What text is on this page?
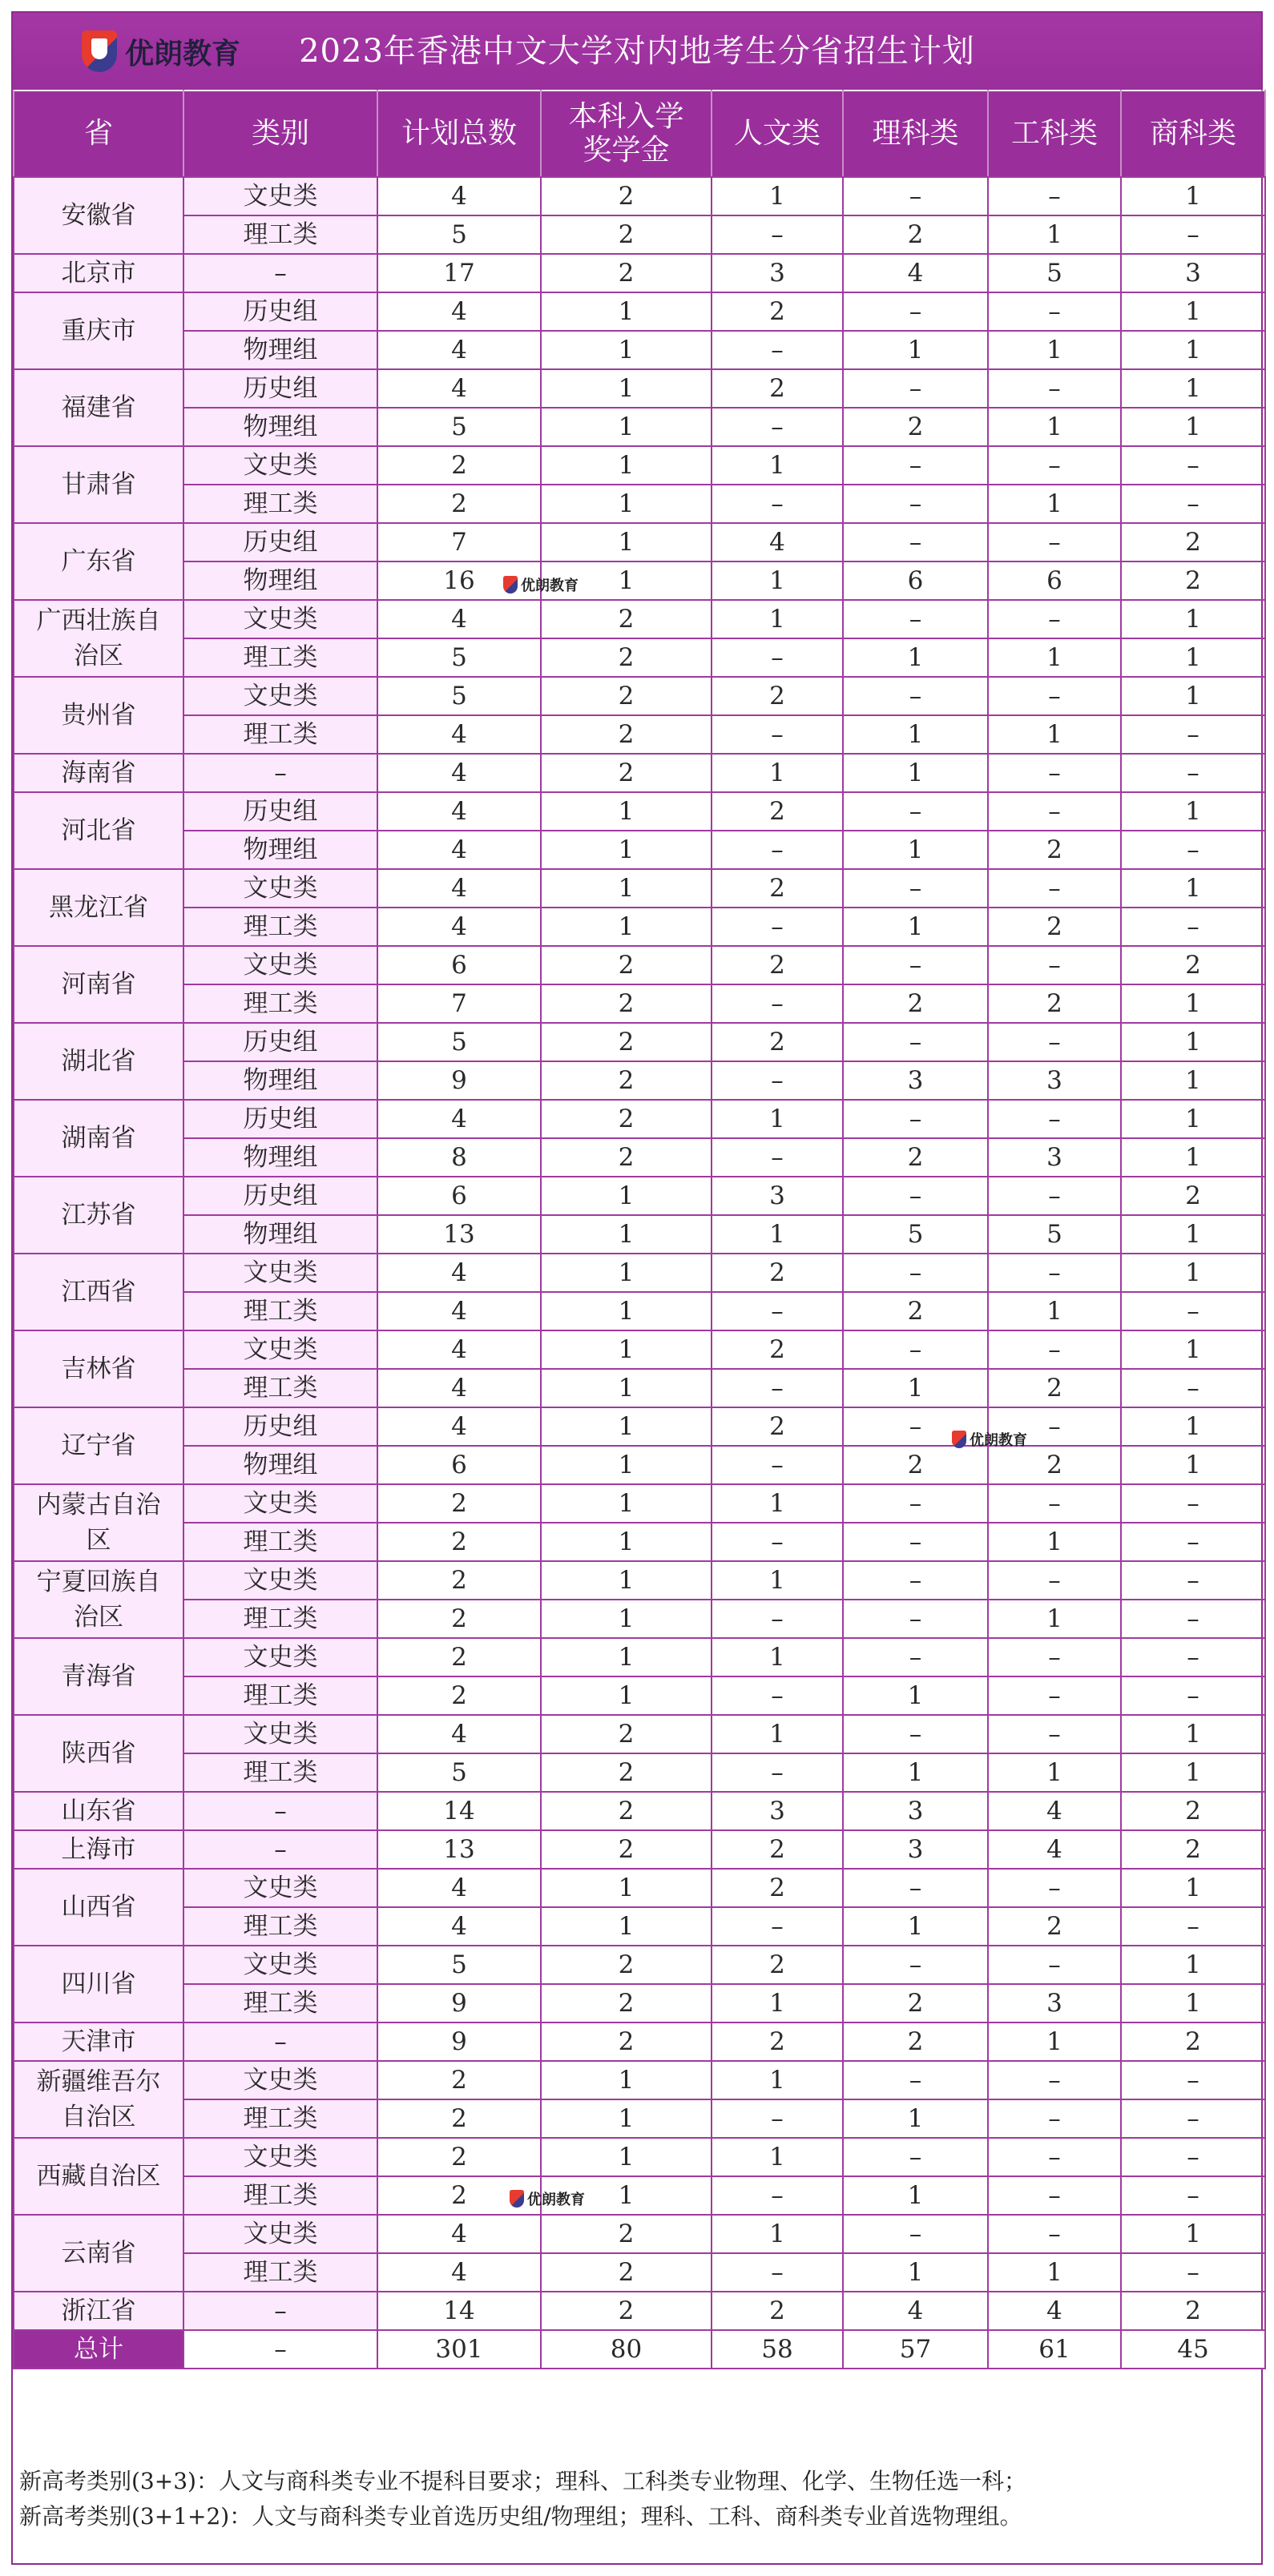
优朗教育	2023年香港中文大学对内地考生分省招生计划
省	类别	计划总数	本科入学奖学金	人文类	理科类	工科类	商科类
安徽省	文史类	4	2	1	–	–	1
	理工类	5	2	–	2	1	–
北京市	–	17	2	3	4	5	3
重庆市	历史组	4	1	2	–	–	1
	物理组	4	1	–	1	1	1
福建省	历史组	4	1	2	–	–	1
	物理组	5	1	–	2	1	1
甘肃省	文史类	2	1	1	–	–	–
	理工类	2	1	–	–	1	–
广东省	历史组	7	1	4	–	–	2
	物理组	16	1	1	6	6	2
广西壮族自治区	文史类	4	2	1	–	–	1
	理工类	5	2	–	1	1	1
贵州省	文史类	5	2	2	–	–	1
	理工类	4	2	–	1	1	–
海南省	–	4	2	1	1	–	–
河北省	历史组	4	1	2	–	–	1
	物理组	4	1	–	1	2	–
黑龙江省	文史类	4	1	2	–	–	1
	理工类	4	1	–	1	2	–
河南省	文史类	6	2	2	–	–	2
	理工类	7	2	–	2	2	1
湖北省	历史组	5	2	2	–	–	1
	物理组	9	2	–	3	3	1
湖南省	历史组	4	2	1	–	–	1
	物理组	8	2	–	2	3	1
江苏省	历史组	6	1	3	–	–	2
	物理组	13	1	1	5	5	1
江西省	文史类	4	1	2	–	–	1
	理工类	4	1	–	2	1	–
吉林省	文史类	4	1	2	–	–	1
	理工类	4	1	–	1	2	–
辽宁省	历史组	4	1	2	–	–	1
	物理组	6	1	–	2	2	1
内蒙古自治区	文史类	2	1	1	–	–	–
	理工类	2	1	–	–	1	–
宁夏回族自治区	文史类	2	1	1	–	–	–
	理工类	2	1	–	–	1	–
青海省	文史类	2	1	1	–	–	–
	理工类	2	1	–	1	–	–
陕西省	文史类	4	2	1	–	–	1
	理工类	5	2	–	1	1	1
山东省	–	14	2	3	3	4	2
上海市	–	13	2	2	3	4	2
山西省	文史类	4	1	2	–	–	1
	理工类	4	1	–	1	2	–
四川省	文史类	5	2	2	–	–	1
	理工类	9	2	1	2	3	1
天津市	–	9	2	2	2	1	2
新疆维吾尔自治区	文史类	2	1	1	–	–	–
	理工类	2	1	–	1	–	–
西藏自治区	文史类	2	1	1	–	–	–
	理工类	2	1	–	1	–	–
云南省	文史类	4	2	1	–	–	1
	理工类	4	2	–	1	1	–
浙江省	–	14	2	2	4	4	2
总计	–	301	80	58	57	61	45
新高考类别(3+3)：人文与商科类专业不提科目要求；理科、工科类专业物理、化学、生物任选一科；
新高考类别(3+1+2)：人文与商科类专业首选历史组/物理组；理科、工科、商科类专业首选物理组。
优朗教育
优朗教育
优朗教育
